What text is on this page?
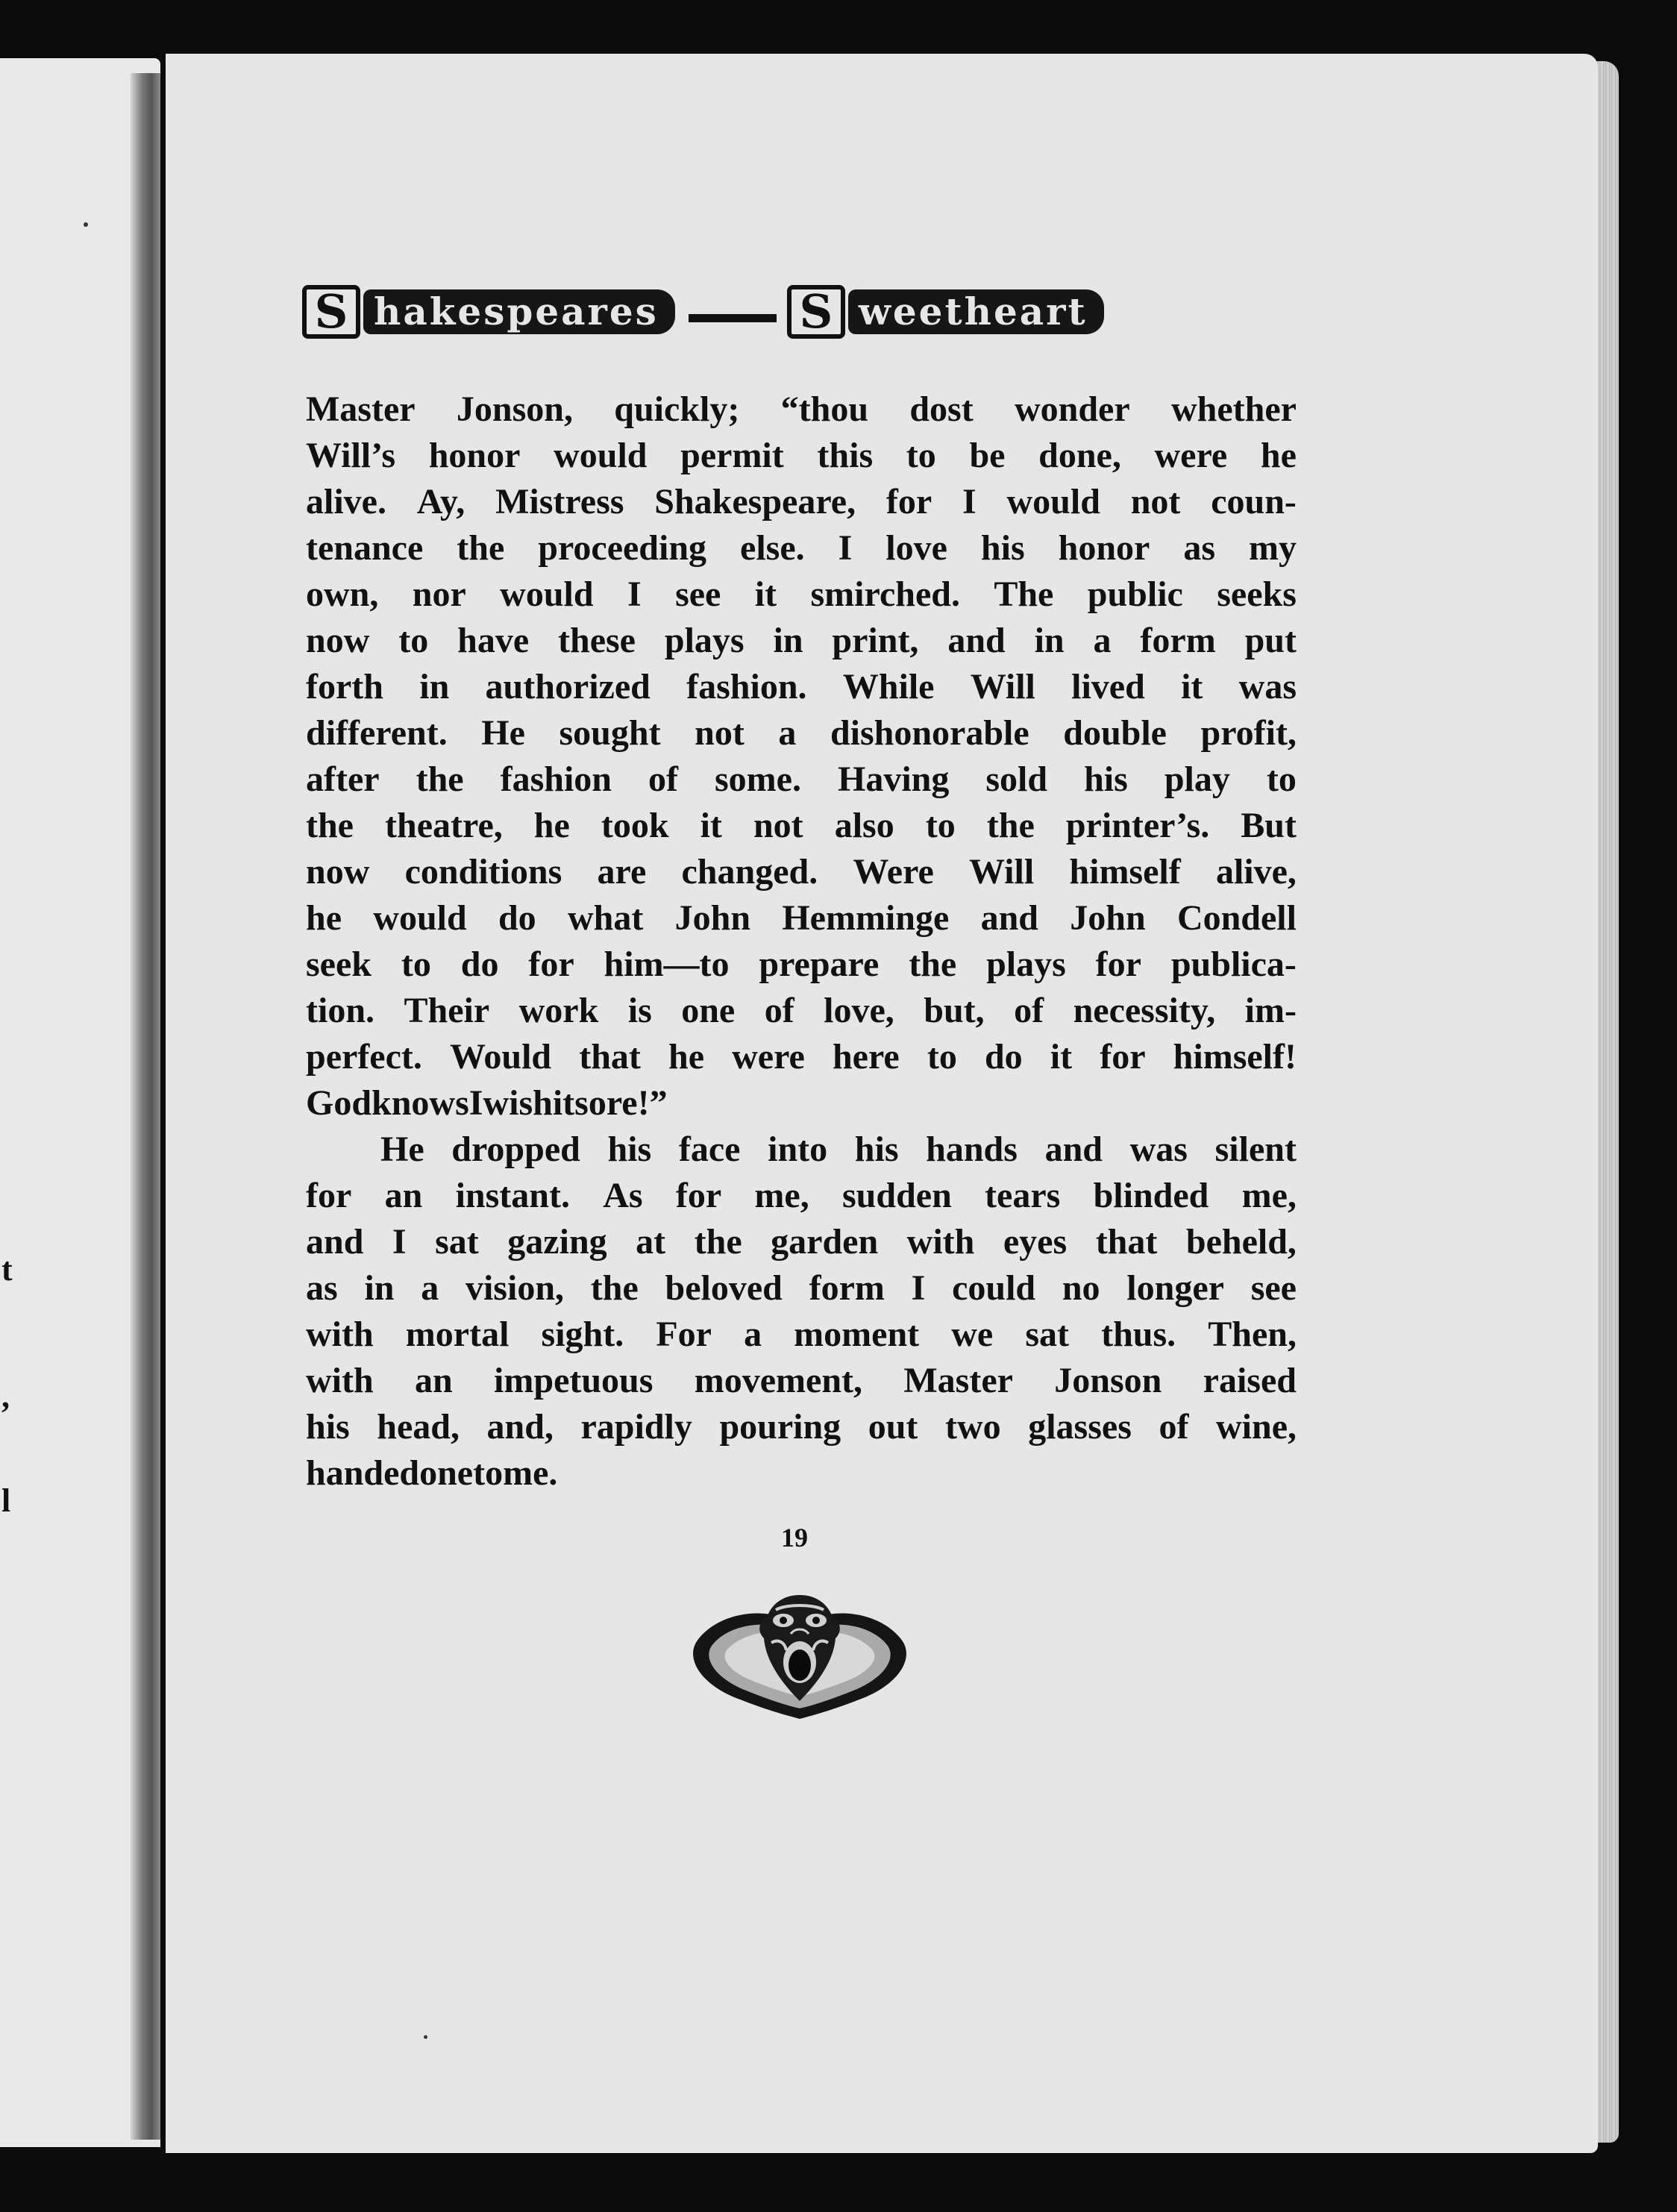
t
,
l
S hakespeares	S weetheart
Master Jonson, quickly; “thou dost wonder whether
Will’s honor would permit this to be done, were he
alive. Ay, Mistress Shakespeare, for I would not coun-
tenance the proceeding else. I love his honor as my
own, nor would I see it smirched. The public seeks
now to have these plays in print, and in a form put
forth in authorized fashion. While Will lived it was
different. He sought not a dishonorable double profit,
after the fashion of some. Having sold his play to
the theatre, he took it not also to the printer’s. But
now conditions are changed. Were Will himself alive,
he would do what John Hemminge and John Condell
seek to do for him—to prepare the plays for publica-
tion. Their work is one of love, but, of necessity, im-
perfect. Would that he were here to do it for himself!
God knows I wish it sore!”
He dropped his face into his hands and was silent
for an instant. As for me, sudden tears blinded me,
and I sat gazing at the garden with eyes that beheld,
as in a vision, the beloved form I could no longer see
with mortal sight. For a moment we sat thus. Then,
with an impetuous movement, Master Jonson raised
his head, and, rapidly pouring out two glasses of wine,
handed one to me.
19
